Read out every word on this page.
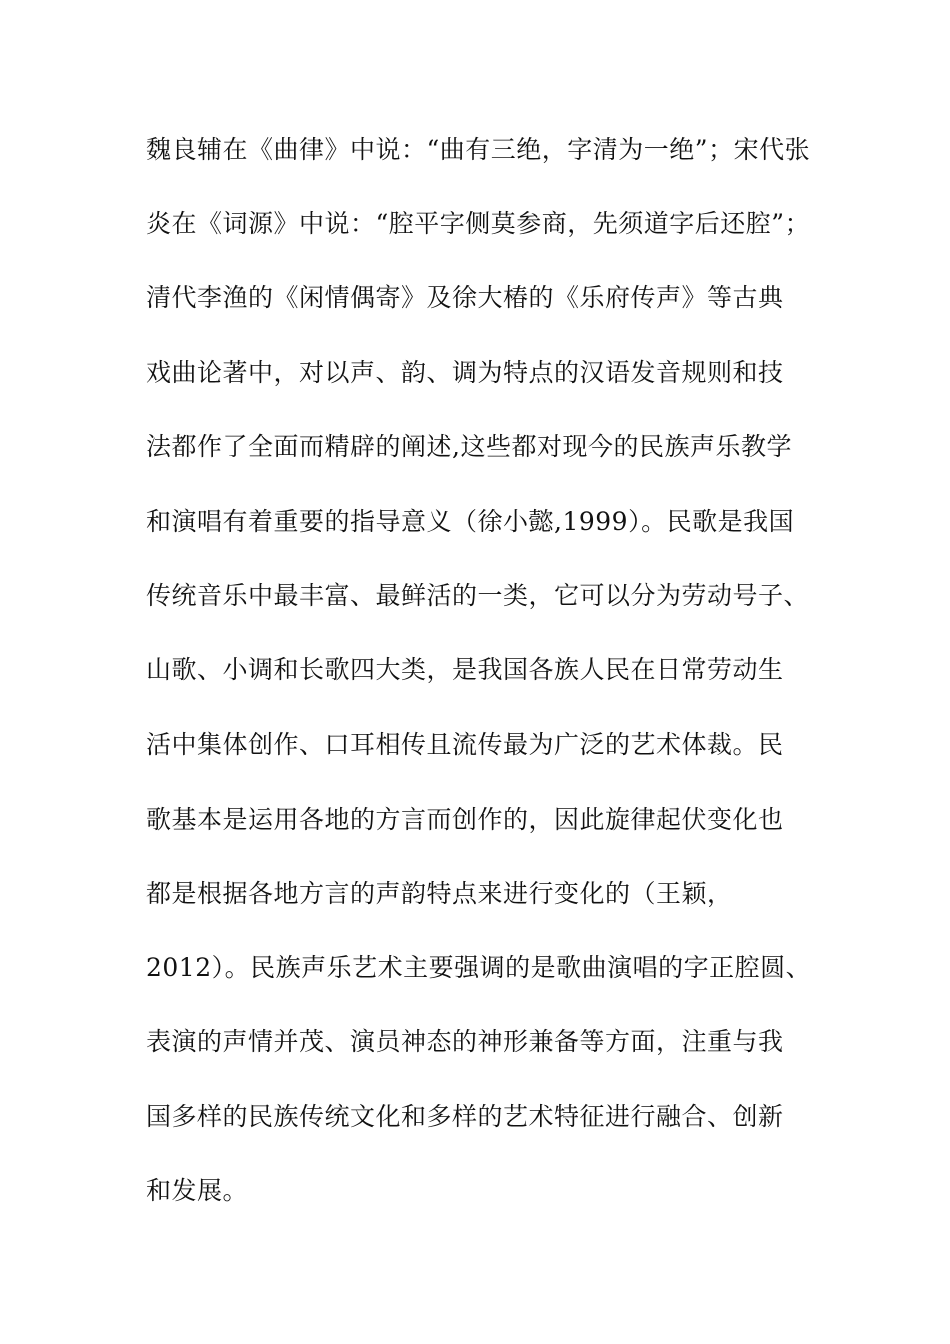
魏良辅在《曲律》中说：“曲有三绝，字清为一绝”；宋代张
炎在《词源》中说：“腔平字侧莫参商，先须道字后还腔”；
清代李渔的《闲情偶寄》及徐大椿的《乐府传声》等古典
戏曲论著中，对以声、韵、调为特点的汉语发音规则和技
法都作了全面而精辟的阐述,这些都对现今的民族声乐教学
和演唱有着重要的指导意义（徐小懿,1999）。民歌是我国
传统音乐中最丰富、最鲜活的一类，它可以分为劳动号子、
山歌、小调和长歌四大类，是我国各族人民在日常劳动生
活中集体创作、口耳相传且流传最为广泛的艺术体裁。民
歌基本是运用各地的方言而创作的，因此旋律起伏变化也
都是根据各地方言的声韵特点来进行变化的（王颖，
2012）。民族声乐艺术主要强调的是歌曲演唱的字正腔圆、
表演的声情并茂、演员神态的神形兼备等方面，注重与我
国多样的民族传统文化和多样的艺术特征进行融合、创新
和发展。
